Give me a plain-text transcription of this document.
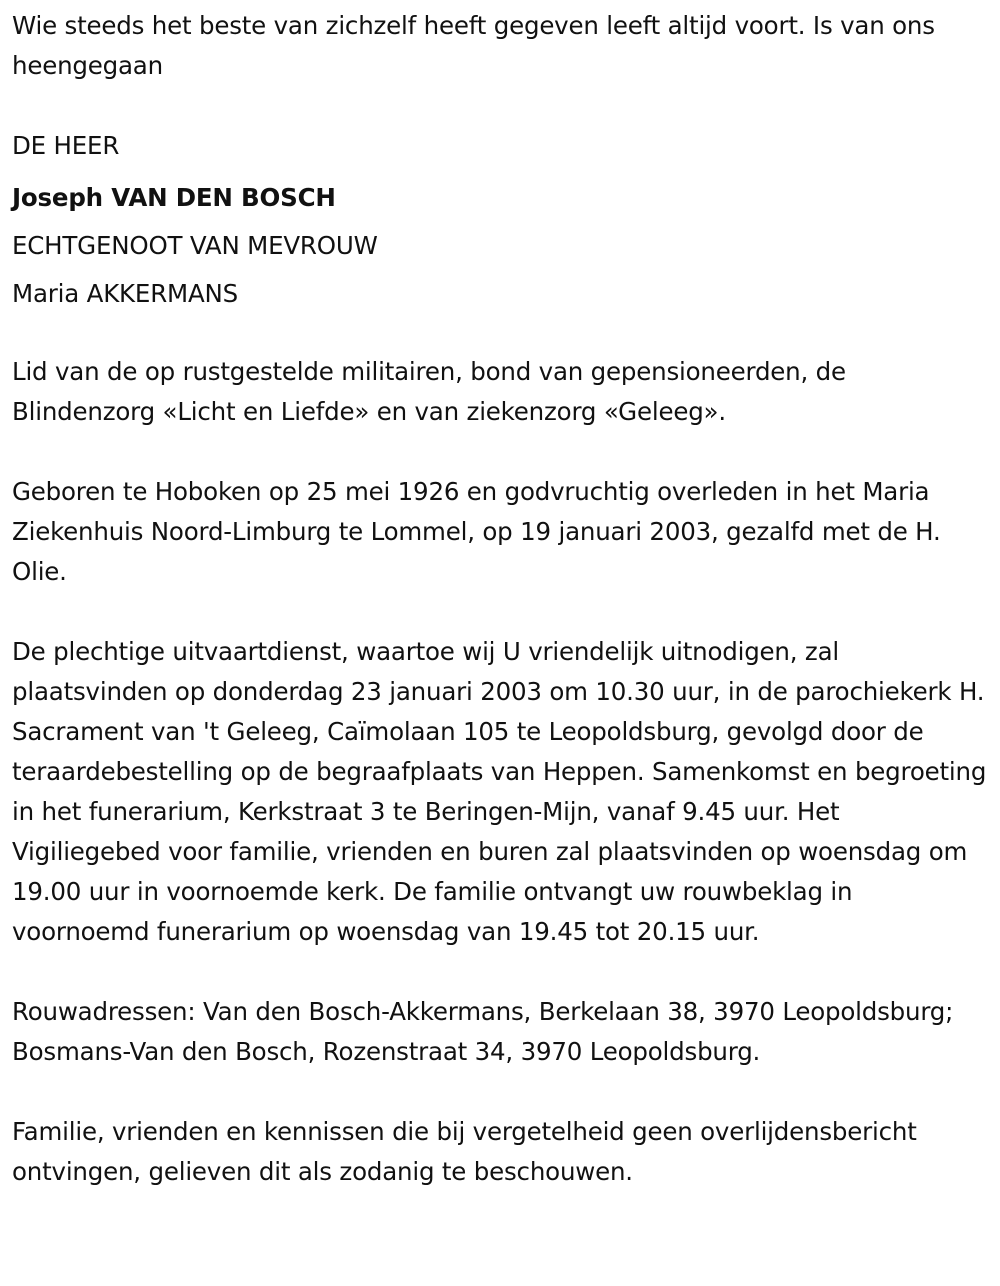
Wie steeds het beste van zichzelf heeft gegeven leeft altijd voort. Is van ons heengegaan

DE HEER

Joseph VAN DEN BOSCH

ECHTGENOOT VAN MEVROUW

Maria AKKERMANS

Lid van de op rustgestelde militairen, bond van gepensioneerden, de Blindenzorg «Licht en Liefde» en van ziekenzorg «Geleeg».

Geboren te Hoboken op 25 mei 1926 en godvruchtig overleden in het Maria Ziekenhuis Noord-Limburg te Lommel, op 19 januari 2003, gezalfd met de H. Olie.

De plechtige uitvaartdienst, waartoe wij U vriendelijk uitnodigen, zal plaatsvinden op donderdag 23 januari 2003 om 10.30 uur, in de parochiekerk H. Sacrament van 't Geleeg, Caïmolaan 105 te Leopoldsburg, gevolgd door de teraardebestelling op de begraafplaats van Heppen. Samenkomst en begroeting in het funerarium, Kerkstraat 3 te Beringen-Mijn, vanaf 9.45 uur. Het Vigiliegebed voor familie, vrienden en buren zal plaatsvinden op woensdag om 19.00 uur in voornoemde kerk. De familie ontvangt uw rouwbeklag in voornoemd funerarium op woensdag van 19.45 tot 20.15 uur.

Rouwadressen: Van den Bosch-Akkermans, Berkelaan 38, 3970 Leopoldsburg; Bosmans-Van den Bosch, Rozenstraat 34, 3970 Leopoldsburg.

Familie, vrienden en kennissen die bij vergetelheid geen overlijdensbericht ontvingen, gelieven dit als zodanig te beschouwen.
